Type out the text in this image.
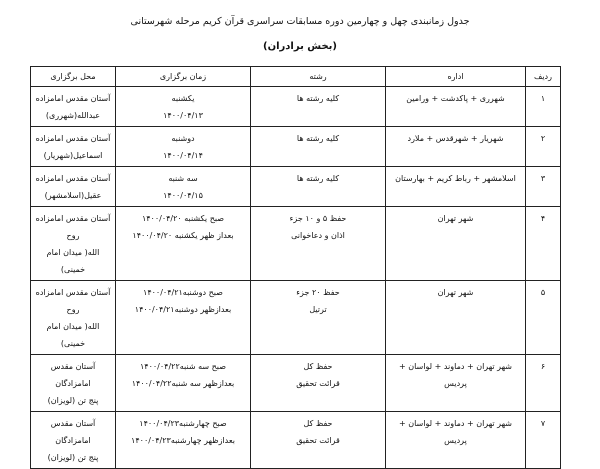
جدول زمانبندی چهل و چهارمین دوره مسابقات سراسری قرآن کریم مرحله شهرستانی
(بخش برادران)
ردیف	اداره	رشته	زمان برگزاری	محل برگزاری
۱	شهرری + پاکدشت + ورامین	کلیه رشته ها	یکشنبه
۱۴۰۰/۰۴/۱۳	آستان مقدس امامزاده
عبدالله(شهرری)

۲	شهریار + شهرقدس + ملارد	کلیه رشته ها	دوشنبه
۱۴۰۰/۰۴/۱۴	آستان مقدس امامزاده
اسماعیل(شهریار)

۳	اسلامشهر + رباط کریم + بهارستان	کلیه رشته ها	سه شنبه
۱۴۰۰/۰۴/۱۵	آستان مقدس امامزاده
عقیل(اسلامشهر)

۴	شهر تهران	حفظ ۵ و ۱۰ جزء
اذان و دعاخوانی	صبح یکشنبه ۱۴۰۰/۰۴/۲۰
بعداز ظهر یکشنبه ۱۴۰۰/۰۴/۲۰	آستان مقدس امامزاده روح
الله( میدان امام خمینی)

۵	شهر تهران	حفظ ۲۰ جزء
ترتیل	صبح دوشنبه۱۴۰۰/۰۴/۲۱
بعدازظهر دوشنبه۱۴۰۰/۰۴/۲۱	آستان مقدس امامزاده روح
الله( میدان امام خمینی)

۶	شهر تهران + دماوند + لواسان + پردیس	حفظ کل
قرائت تحقیق	صبح سه شنبه۱۴۰۰/۰۴/۲۲
بعدازظهر سه شنبه۱۴۰۰/۰۴/۲۲	آستان مقدس امامزادگان
پنج تن (لویزان)

۷	شهر تهران + دماوند + لواسان + پردیس	حفظ کل
قرائت تحقیق	صبح چهارشنبه۱۴۰۰/۰۴/۲۳
بعدازظهر چهارشنبه۱۴۰۰/۰۴/۲۳	آستان مقدس امامزادگان
پنج تن (لویزان)
